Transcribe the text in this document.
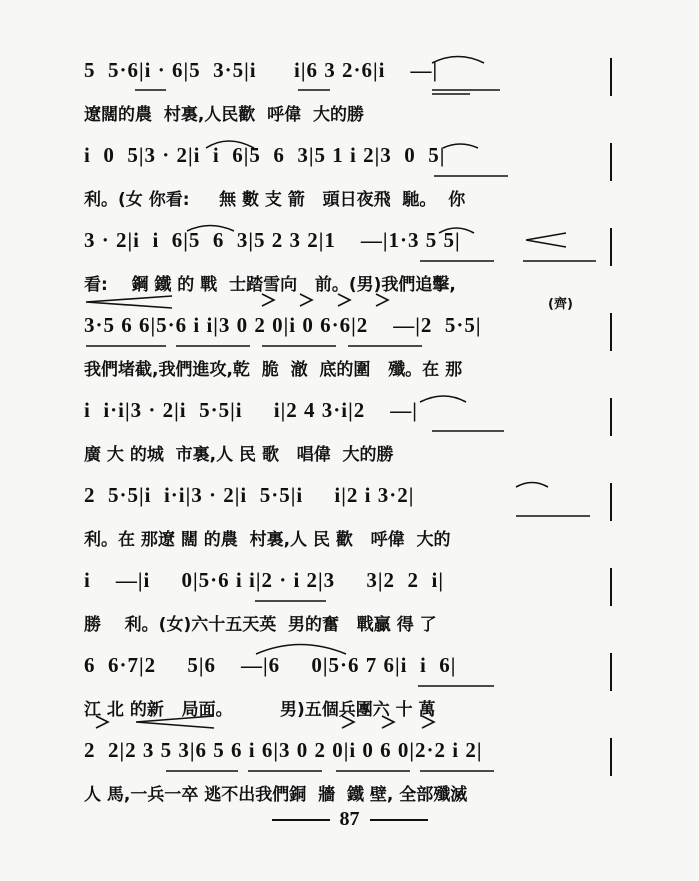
5  5·6|i · 6|5  3·5|i      i|6 3 2·6|i    —|
遼闊的農  村裏,人民歡  呼偉  大的勝
i  0  5|3 · 2|i  i  6|5  6  3|5 1 i 2|3  0  5|
利。(女 你看:     無 數 支 箭   頭日夜飛  馳。  你
3 · 2|i  i  6|5  6  3|5 2 3 2|1    —|1·3 5 5|
看:    鋼 鐵 的 戰  士踏雪向   前。(男)我們追擊,
3·5 6 6|5·6 i i|3 0 2 0|i 0 6·6|2    —|2  5·5|
我們堵截,我們進攻,乾  脆  澈  底的圍   殲。在 那
i  i·i|3 · 2|i  5·5|i     i|2 4 3·i|2    —|
廣 大 的城  市裏,人 民 歌   唱偉  大的勝
2  5·5|i  i·i|3 · 2|i  5·5|i     i|2 i 3·2|
利。在 那遼 闊 的農  村裏,人 民 歡   呼偉  大的
i    —|i     0|5·6 i i|2 · i 2|3     3|2  2  i|
勝    利。(女)六十五天英  男的奮   戰贏 得 了
6  6·7|2     5|6    —|6     0|5·6 7 6|i  i  6|
江 北 的新   局面。        男)五個兵團六 十 萬
2  2|2 3 5 3|6 5 6 i 6|3 0 2 0|i 0 6 0|2·2 i 2|
人 馬,一兵一卒 逃不出我們銅  牆  鐵 壁, 全部殲滅
(齊)
87
